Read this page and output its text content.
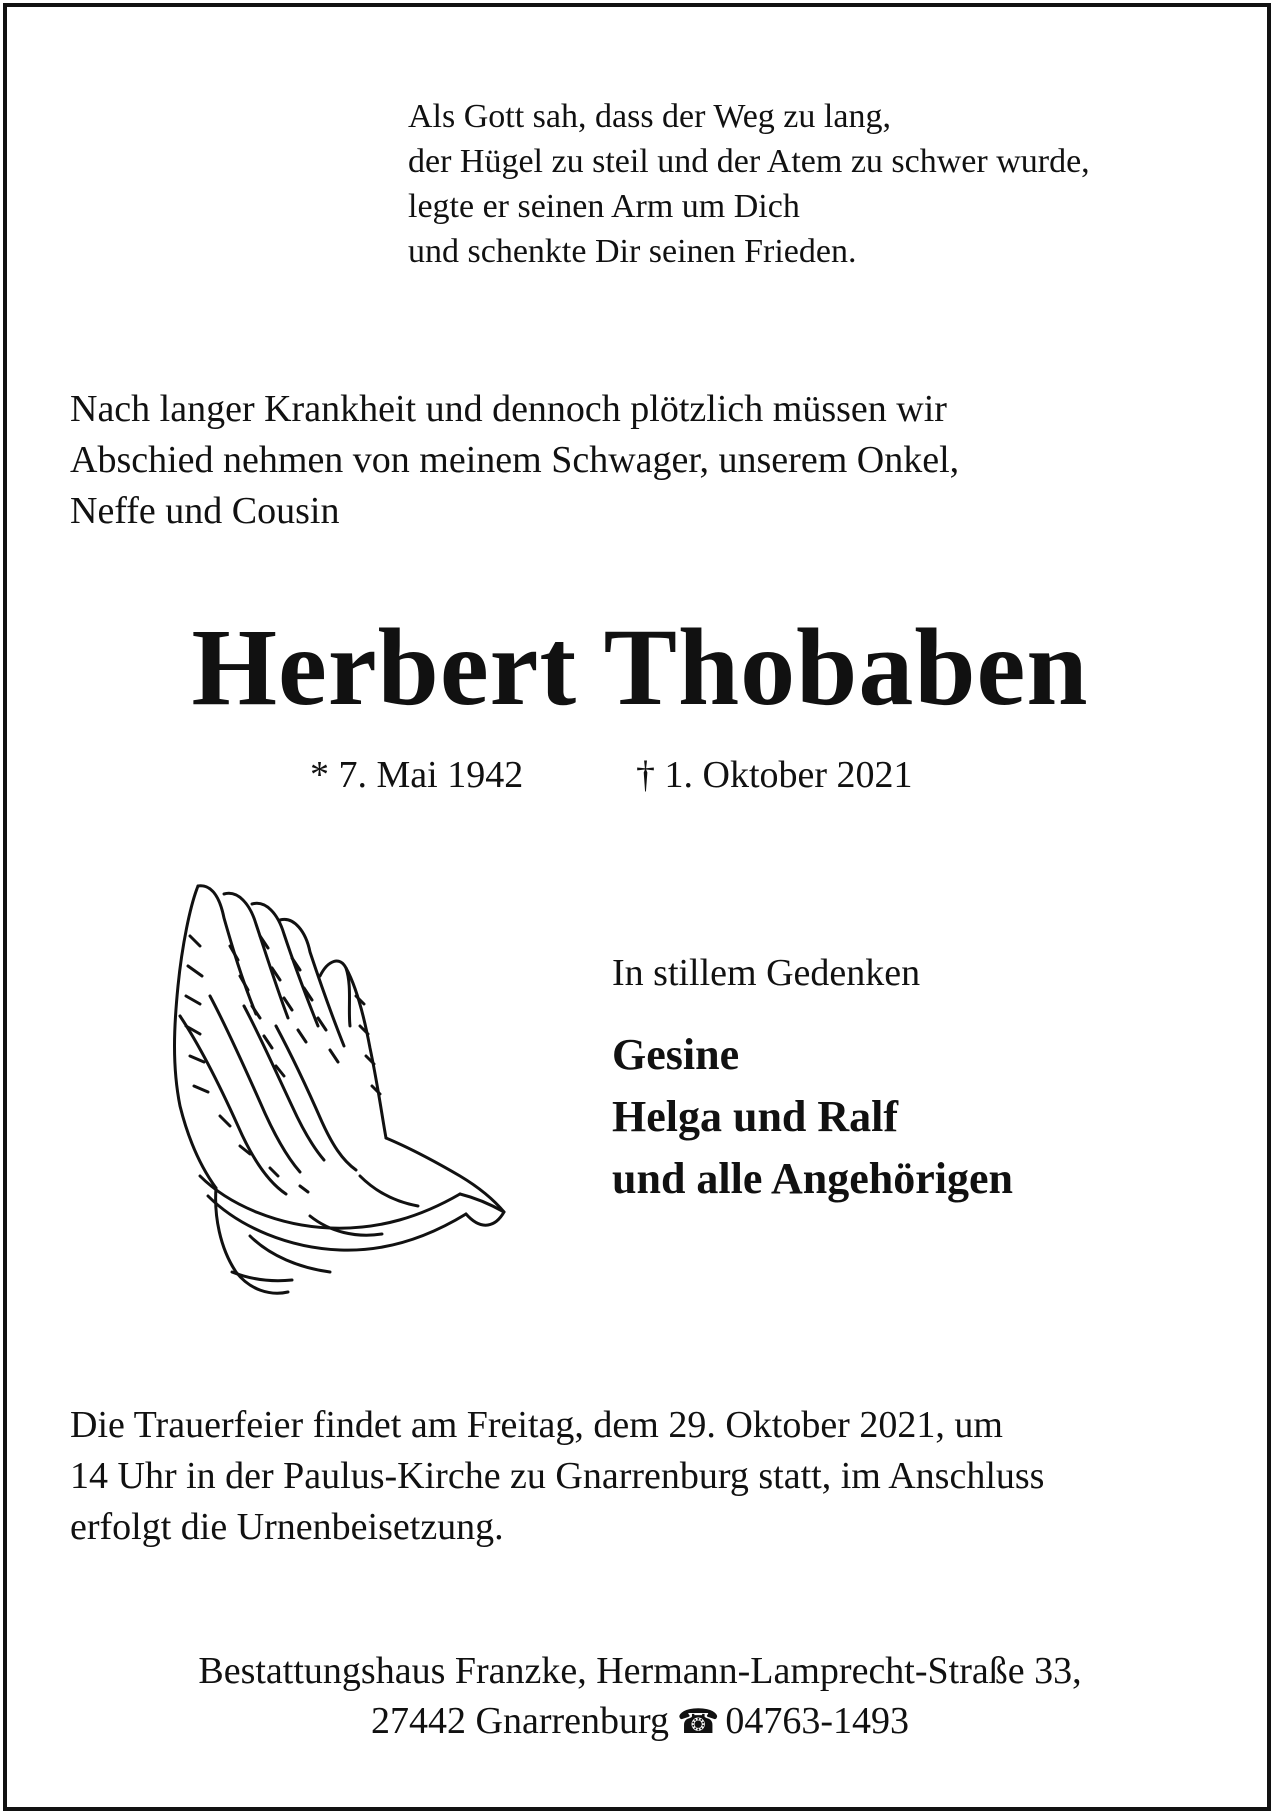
Als Gott sah, dass der Weg zu lang,
der Hügel zu steil und der Atem zu schwer wurde,
legte er seinen Arm um Dich
und schenkte Dir seinen Frieden.
Nach langer Krankheit und dennoch plötzlich müssen wir
Abschied nehmen von meinem Schwager, unserem Onkel,
Neffe und Cousin
Herbert Thobaben
* 7. Mai 1942	† 1. Oktober 2021
In stillem Gedenken
Gesine
Helga und Ralf
und alle Angehörigen
Die Trauerfeier findet am Freitag, dem 29. Oktober 2021, um
14 Uhr in der Paulus-Kirche zu Gnarrenburg statt, im Anschluss
erfolgt die Urnenbeisetzung.
Bestattungshaus Franzke, Hermann-Lamprecht-Straße 33,
27442 Gnarrenburg ☎ 04763-1493
